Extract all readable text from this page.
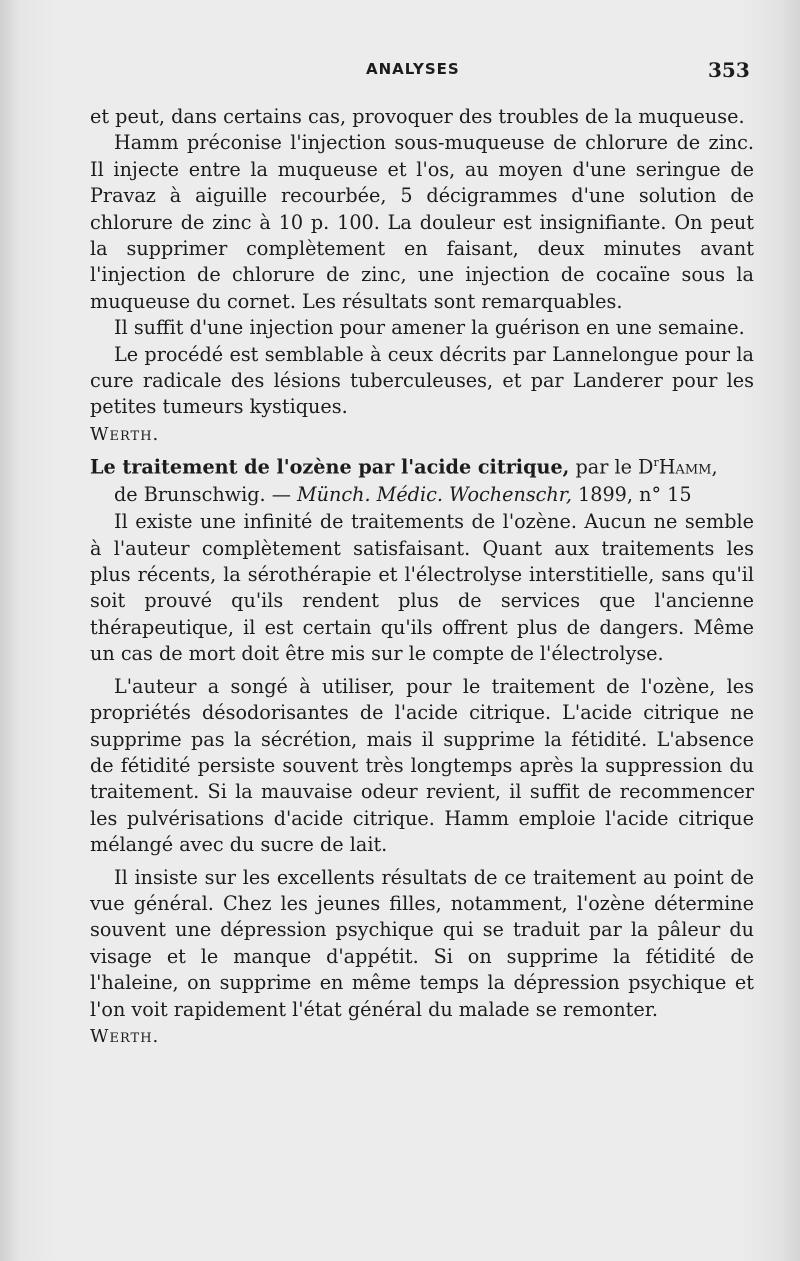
ANALYSES	353

et peut, dans certains cas, provoquer des troubles de la muqueuse.

Hamm préconise l'injection sous-muqueuse de chlorure de zinc. Il injecte entre la muqueuse et l'os, au moyen d'une seringue de Pravaz à aiguille recourbée, 5 décigrammes d'une solution de chlorure de zinc à 10 p. 100. La douleur est insignifiante. On peut la supprimer complètement en faisant, deux minutes avant l'injection de chlorure de zinc, une injection de cocaïne sous la muqueuse du cornet. Les résultats sont remarquables.

Il suffit d'une injection pour amener la guérison en une semaine.

Le procédé est semblable à ceux décrits par Lannelongue pour la cure radicale des lésions tuberculeuses, et par Landerer pour les petites tumeurs kystiques.

Werth.

Le traitement de l'ozène par l'acide citrique, par le $D^rHamm$,

de Brunschwig. — Münch. Médic. Wochenschr, 1899, n° 15

Il existe une infinité de traitements de l'ozène. Aucun ne semble à l'auteur complètement satisfaisant. Quant aux traitements les plus récents, la sérothérapie et l'électrolyse interstitielle, sans qu'il soit prouvé qu'ils rendent plus de services que l'ancienne thérapeutique, il est certain qu'ils offrent plus de dangers. Même un cas de mort doit être mis sur le compte de l'électrolyse.

L'auteur a songé à utiliser, pour le traitement de l'ozène, les propriétés désodorisantes de l'acide citrique. L'acide citrique ne supprime pas la sécrétion, mais il supprime la fétidité. L'absence de fétidité persiste souvent très longtemps après la suppression du traitement. Si la mauvaise odeur revient, il suffit de recommencer les pulvérisations d'acide citrique. Hamm emploie l'acide citrique mélangé avec du sucre de lait.

Il insiste sur les excellents résultats de ce traitement au point de vue général. Chez les jeunes filles, notamment, l'ozène détermine souvent une dépression psychique qui se traduit par la pâleur du visage et le manque d'appétit. Si on supprime la fétidité de l'haleine, on supprime en même temps la dépression psychique et l'on voit rapidement l'état général du malade se remonter.

Werth.
